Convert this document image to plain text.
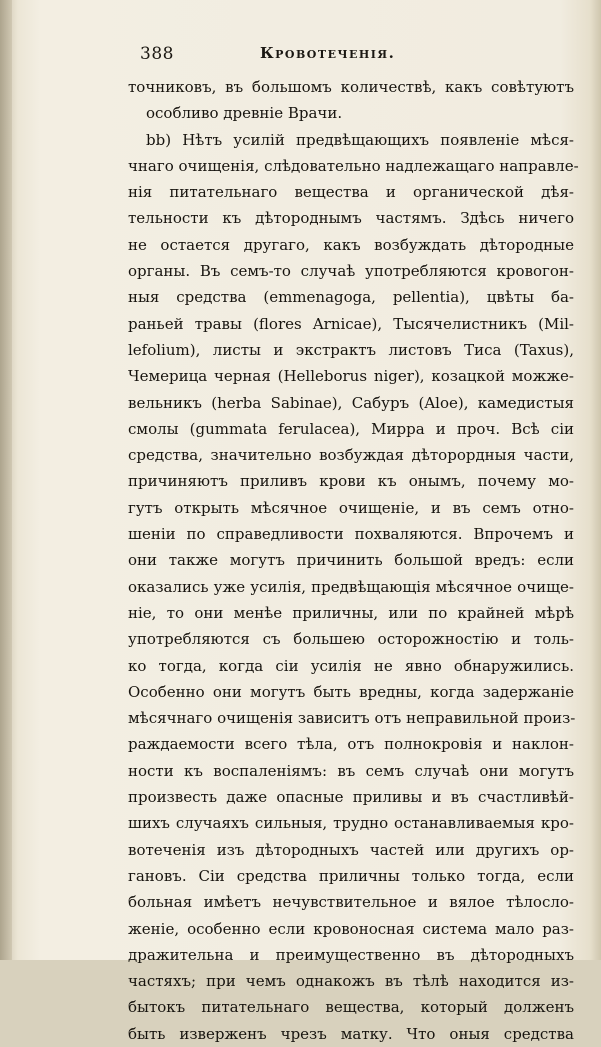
388	Кровотеченія.
точниковъ, въ большомъ количествѣ, какъ совѣтуютъ
особливо древніе Врачи.
bb) Нѣтъ усилій предвѣщающихъ появленіе мѣся-
чнаго очищенія, слѣдовательно надлежащаго направле-
нія питательнаго вещества и органической дѣя-
тельности къ дѣтороднымъ частямъ. Здѣсь ничего
не остается другаго, какъ возбуждать дѣтородные
органы. Въ семъ-то случаѣ употребляются кровогон-
ныя средства (emmenagoga, pellentia), цвѣты ба-
раньей травы (flores Arnicae), Тысячелистникъ (Mil-
lefolium), листы и экстрактъ листовъ Тиса (Taxus),
Чемерица черная (Helleborus niger), козацкой можже-
вельникъ (herba Sabinae), Сабуръ (Aloe), камедистыя
смолы (gummata ferulacea), Мирра и проч. Всѣ сіи
средства, значительно возбуждая дѣторордныя части,
причиняютъ приливъ крови къ онымъ, почему мо-
гутъ открыть мѣсячное очищеніе, и въ семъ отно-
шеніи по справедливости похваляются. Впрочемъ и
они также могутъ причинить большой вредъ: если
оказались уже усилія, предвѣщающія мѣсячное очище-
ніе, то они менѣе приличны, или по крайней мѣрѣ
употребляются съ большею осторожностію и толь-
ко тогда, когда сіи усилія не явно обнаружились.
Особенно они могутъ быть вредны, когда задержаніе
мѣсячнаго очищенія зависитъ отъ неправильной произ-
раждаемости всего тѣла, отъ полнокровія и наклон-
ности къ воспаленіямъ: въ семъ случаѣ они могутъ
произвесть даже опасные приливы и въ счастливѣй-
шихъ случаяхъ сильныя, трудно останавливаемыя кро-
вотеченія изъ дѣтородныхъ частей или другихъ ор-
гановъ. Сіи средства приличны только тогда, если
больная имѣетъ нечувствительное и вялое тѣлосло-
женіе, особенно если кровоносная система мало раз-
дражительна и преимущественно въ дѣтородныхъ
частяхъ; при чемъ однакожъ въ тѣлѣ находится из-
бытокъ питательнаго вещества, который долженъ
быть изверженъ чрезъ матку. Что оныя средства
